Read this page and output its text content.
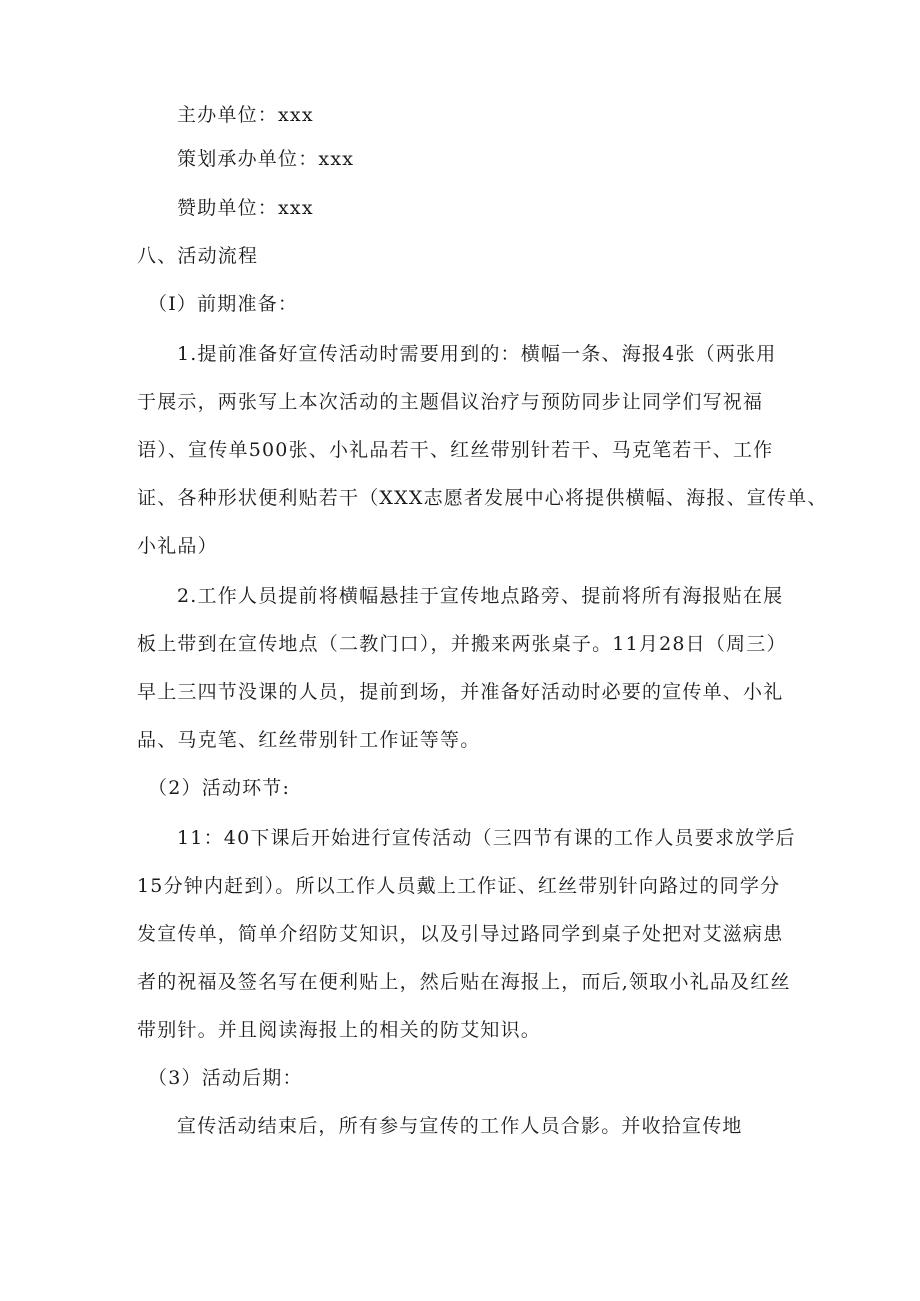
主办单位：xxx
策划承办单位：xxx
赞助单位：xxx
八、活动流程
（I）前期准备：
1.提前准备好宣传活动时需要用到的：横幅一条、海报4张（两张用
于展示，两张写上本次活动的主题倡议治疗与预防同步让同学们写祝福
语）、宣传单500张、小礼品若干、红丝带别针若干、马克笔若干、工作
证、各种形状便利贴若干（XXX志愿者发展中心将提供横幅、海报、宣传单、
小礼品）
2.工作人员提前将横幅悬挂于宣传地点路旁、提前将所有海报贴在展
板上带到在宣传地点（二教门口），并搬来两张桌子。11月28日（周三）
早上三四节没课的人员，提前到场，并准备好活动时必要的宣传单、小礼
品、马克笔、红丝带别针工作证等等。
（2）活动环节:
11：40下课后开始进行宣传活动（三四节有课的工作人员要求放学后
15分钟内赶到）。所以工作人员戴上工作证、红丝带别针向路过的同学分
发宣传单，简单介绍防艾知识，以及引导过路同学到桌子处把对艾滋病患
者的祝福及签名写在便利贴上，然后贴在海报上，而后,领取小礼品及红丝
带别针。并且阅读海报上的相关的防艾知识。
（3）活动后期：
宣传活动结束后，所有参与宣传的工作人员合影。并收拾宣传地
